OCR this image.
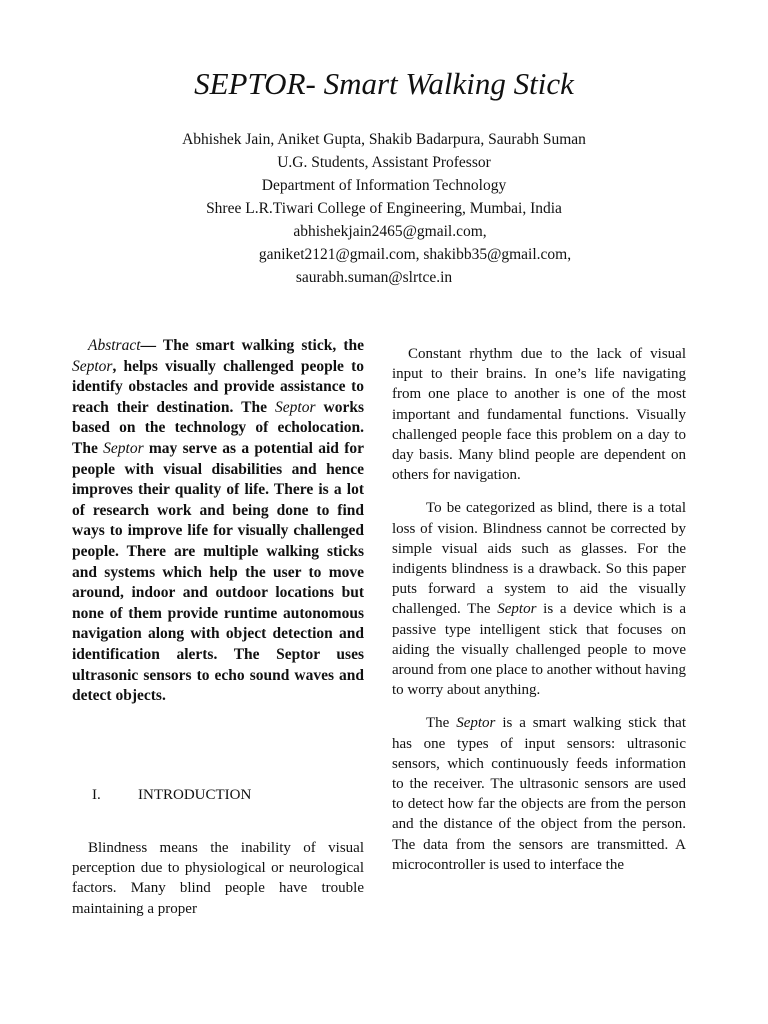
SEPTOR- Smart Walking Stick
Abhishek Jain, Aniket Gupta, Shakib Badarpura, Saurabh Suman
U.G. Students, Assistant Professor
Department of Information Technology
Shree L.R.Tiwari College of Engineering, Mumbai, India
abhishekjain2465@gmail.com,
ganiket2121@gmail.com, shakibb35@gmail.com,
saurabh.suman@slrtce.in

Abstract— The smart walking stick, the Septor, helps visually challenged people to identify obstacles and provide assistance to reach their destination. The Septor works based on the technology of echolocation. The Septor may serve as a potential aid for people with visual disabilities and hence improves their quality of life. There is a lot of research work and being done to find ways to improve life for visually challenged people. There are multiple walking sticks and systems which help the user to move around, indoor and outdoor locations but none of them provide runtime autonomous navigation along with object detection and identification alerts. The Septor uses ultrasonic sensors to echo sound waves and detect objects.

I. INTRODUCTION

Blindness means the inability of visual perception due to physiological or neurological factors. Many blind people have trouble maintaining a proper

Constant rhythm due to the lack of visual input to their brains. In one’s life navigating from one place to another is one of the most important and fundamental functions. Visually challenged people face this problem on a day to day basis. Many blind people are dependent on others for navigation.

To be categorized as blind, there is a total loss of vision. Blindness cannot be corrected by simple visual aids such as glasses. For the indigents blindness is a drawback. So this paper puts forward a system to aid the visually challenged. The Septor is a device which is a passive type intelligent stick that focuses on aiding the visually challenged people to move around from one place to another without having to worry about anything.

The Septor is a smart walking stick that has one types of input sensors: ultrasonic sensors, which continuously feeds information to the receiver. The ultrasonic sensors are used to detect how far the objects are from the person and the distance of the object from the person. The data from the sensors are transmitted. A microcontroller is used to interface the
